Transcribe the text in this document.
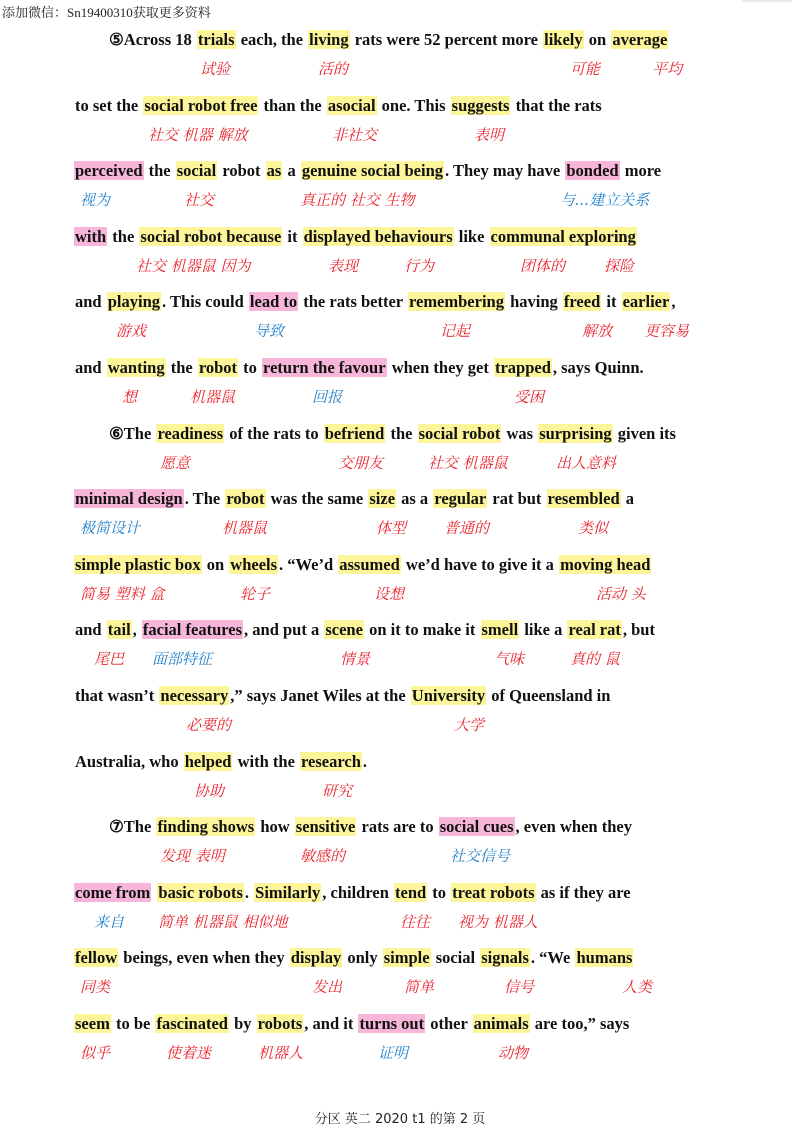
添加微信：Sn19400310获取更多资料
⑤Across 18 trials each, the living rats were 52 percent more likely on average
试验	活的	可能	平均
to set the social robot free than the asocial one. This suggests that the rats
社交 机器 解放	非社交	表明
perceived the social robot as a genuine social being . They may have bonded more
视为	社交	真正的 社交 生物	与...建立关系
with the social robot because it displayed behaviours like communal exploring
社交 机器鼠 因为	表现	行为	团体的	探险
and playing . This could lead to the rats better remembering having freed it earlier ,
游戏	导致	记起	解放 更容易
and wanting the robot to return the favour when they get trapped , says Quinn.
想	机器鼠	回报	受困
⑥The readiness of the rats to befriend the social robot was surprising given its
愿意	交朋友	社交 机器鼠	出人意料
minimal design . The robot was the same size as a regular rat but resembled a
极简设计	机器鼠	体型	普通的	类似
simple plastic box on wheels . “We’d assumed we’d have to give it a moving head
简易 塑料 盒	轮子	设想	活动 头
and tail , facial features , and put a scene on it to make it smell like a real rat , but
尾巴 面部特征	情景	气味	真的 鼠
that wasn’t necessary ,” says Janet Wiles at the University of Queensland in
必要的	大学
Australia, who helped with the research .
协助	研究
⑦The finding shows how sensitive rats are to social cues , even when they
发现 表明	敏感的	社交信号
come from basic robots . Similarly , children tend to treat robots as if they are
来自 简单 机器鼠 相似地	往往 视为 机器人
fellow beings, even when they display only simple social signals . “We humans
同类	发出	简单	信号	人类
seem to be fascinated by robots , and it turns out other animals are too,” says
似乎	使着迷	机器人	证明	动物
分区 英二 2020 t1 的第 2 页
